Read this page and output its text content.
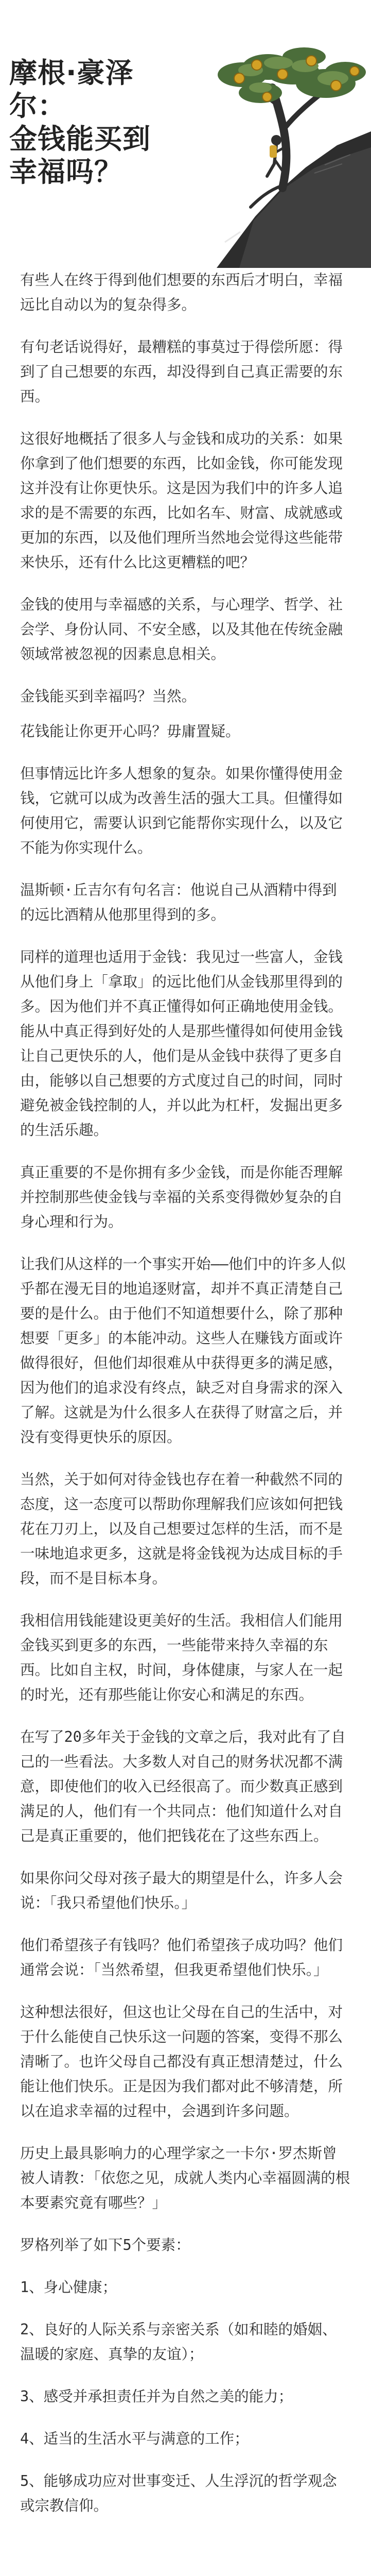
摩根·豪泽尔：
金钱能买到
幸福吗？

有些人在终于得到他们想要的东西后才明白，幸福远比自动以为的复杂得多。

有句老话说得好，最糟糕的事莫过于得偿所愿：得到了自己想要的东西，却没得到自己真正需要的东西。

这很好地概括了很多人与金钱和成功的关系：如果你拿到了他们想要的东西，比如金钱，你可能发现这并没有让你更快乐。这是因为我们中的许多人追求的是不需要的东西，比如名车、财富、成就感或更加的东西，以及他们理所当然地会觉得这些能带来快乐，还有什么比这更糟糕的吧？

金钱的使用与幸福感的关系，与心理学、哲学、社会学、身份认同、不安全感，以及其他在传统金融领域常被忽视的因素息息相关。

金钱能买到幸福吗？当然。

花钱能让你更开心吗？毋庸置疑。

但事情远比许多人想象的复杂。如果你懂得使用金钱，它就可以成为改善生活的强大工具。但懂得如何使用它，需要认识到它能帮你实现什么，以及它不能为你实现什么。

温斯顿·丘吉尔有句名言：他说自己从酒精中得到的远比酒精从他那里得到的多。

同样的道理也适用于金钱：我见过一些富人，金钱从他们身上「拿取」的远比他们从金钱那里得到的多。因为他们并不真正懂得如何正确地使用金钱。能从中真正得到好处的人是那些懂得如何使用金钱让自己更快乐的人，他们是从金钱中获得了更多自由，能够以自己想要的方式度过自己的时间，同时避免被金钱控制的人，并以此为杠杆，发掘出更多的生活乐趣。

真正重要的不是你拥有多少金钱，而是你能否理解并控制那些使金钱与幸福的关系变得微妙复杂的自身心理和行为。

让我们从这样的一个事实开始——他们中的许多人似乎都在漫无目的地追逐财富，却并不真正清楚自己要的是什么。由于他们不知道想要什么，除了那种想要「更多」的本能冲动。这些人在赚钱方面或许做得很好，但他们却很难从中获得更多的满足感，因为他们的追求没有终点，缺乏对自身需求的深入了解。这就是为什么很多人在获得了财富之后，并没有变得更快乐的原因。

当然，关于如何对待金钱也存在着一种截然不同的态度，这一态度可以帮助你理解我们应该如何把钱花在刀刃上，以及自己想要过怎样的生活，而不是一味地追求更多，这就是将金钱视为达成目标的手段，而不是目标本身。

我相信用钱能建设更美好的生活。我相信人们能用金钱买到更多的东西，一些能带来持久幸福的东西。比如自主权，时间，身体健康，与家人在一起的时光，还有那些能让你安心和满足的东西。

在写了20多年关于金钱的文章之后，我对此有了自己的一些看法。大多数人对自己的财务状况都不满意，即使他们的收入已经很高了。而少数真正感到满足的人，他们有一个共同点：他们知道什么对自己是真正重要的，他们把钱花在了这些东西上。

如果你问父母对孩子最大的期望是什么，许多人会说：「我只希望他们快乐。」

他们希望孩子有钱吗？他们希望孩子成功吗？他们通常会说：「当然希望，但我更希望他们快乐。」

这种想法很好，但这也让父母在自己的生活中，对于什么能使自己快乐这一问题的答案，变得不那么清晰了。也许父母自己都没有真正想清楚过，什么能让他们快乐。正是因为我们都对此不够清楚，所以在追求幸福的过程中，会遇到许多问题。

历史上最具影响力的心理学家之一卡尔·罗杰斯曾被人请教：「依您之见，成就人类内心幸福圆满的根本要素究竟有哪些？」

罗格列举了如下5个要素：

1、身心健康；

2、良好的人际关系与亲密关系（如和睦的婚姻、温暖的家庭、真挚的友谊）；

3、感受并承担责任并为自然之美的能力；

4、适当的生活水平与满意的工作；

5、能够成功应对世事变迁、人生浮沉的哲学观念或宗教信仰。
